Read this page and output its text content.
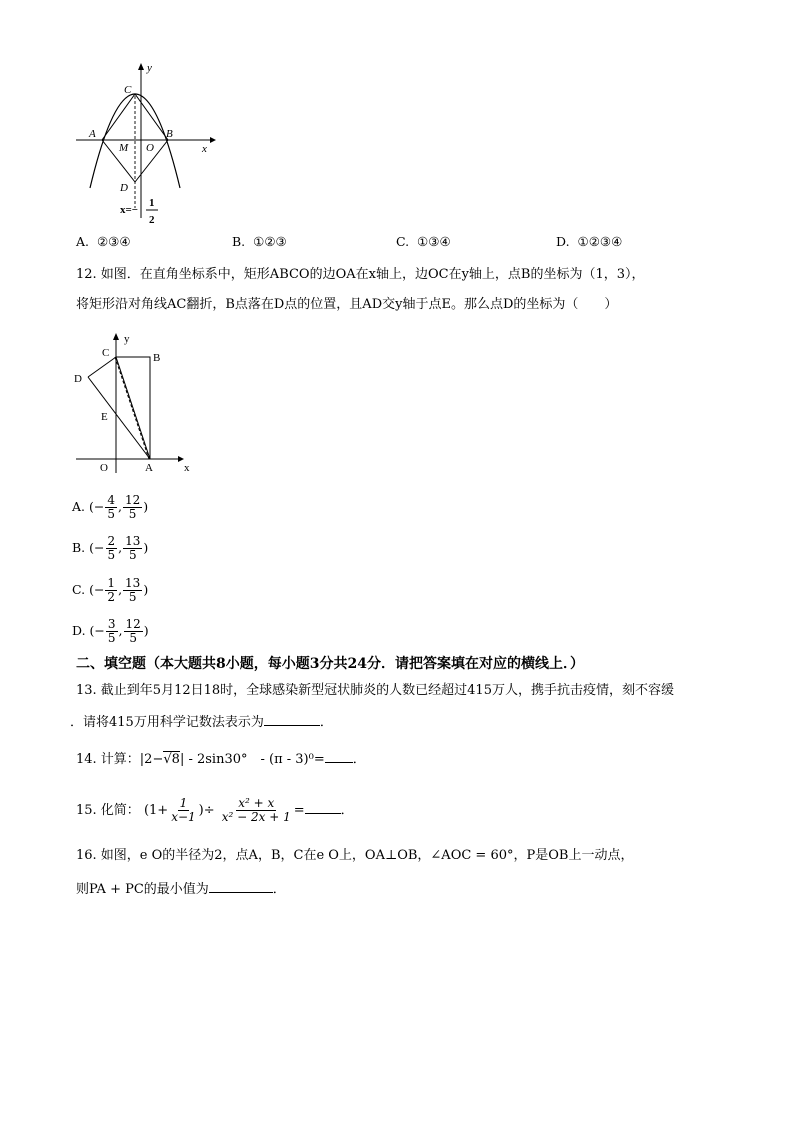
C
y
A	B
M O	x
D
x=−
1
2
A. ②③④	B. ①②③	C. ①③④	D. ①②③④
12. 如图．在直角坐标系中，矩形ABCO的边OA在x轴上，边OC在y轴上，点B的坐标为（1，3），
将矩形沿对角线AC翻折，B点落在D点的位置，且AD交y轴于点E。那么点D的坐标为（　　）
y
C	B
D
E
O	A	x
A. (− $\frac{4}{5}$ , $\frac{12}{5}$ )
B. (− $\frac{2}{5}$ , $\frac{13}{5}$ )
C. (− $\frac{1}{2}$ , $\frac{13}{5}$ )
D. (− $\frac{3}{5}$ , $\frac{12}{5}$ )
二、填空题（本大题共8小题，每小题3分共24分．请把答案填在对应的横线上．）
13. 截止到年5月12日18时，全球感染新型冠状肺炎的人数已经超过415万人，携手抗击疫情，刻不容缓
．请将415万用科学记数法表示为	．
14. 计算：|2−√8| - 2sin30°　- (π - 3)⁰= ．
15. 化简： ($1+ \frac{1}{x-1}$ )÷ $\frac{\text{x² + x}}{\text{x² − 2x + 1}}$ =	．
16. 如图，e O的半径为2，点A，B，C在e O上，OA⊥OB，∠AOC = 60°，P是OB上一动点，
则PA + PC的最小值为	．
